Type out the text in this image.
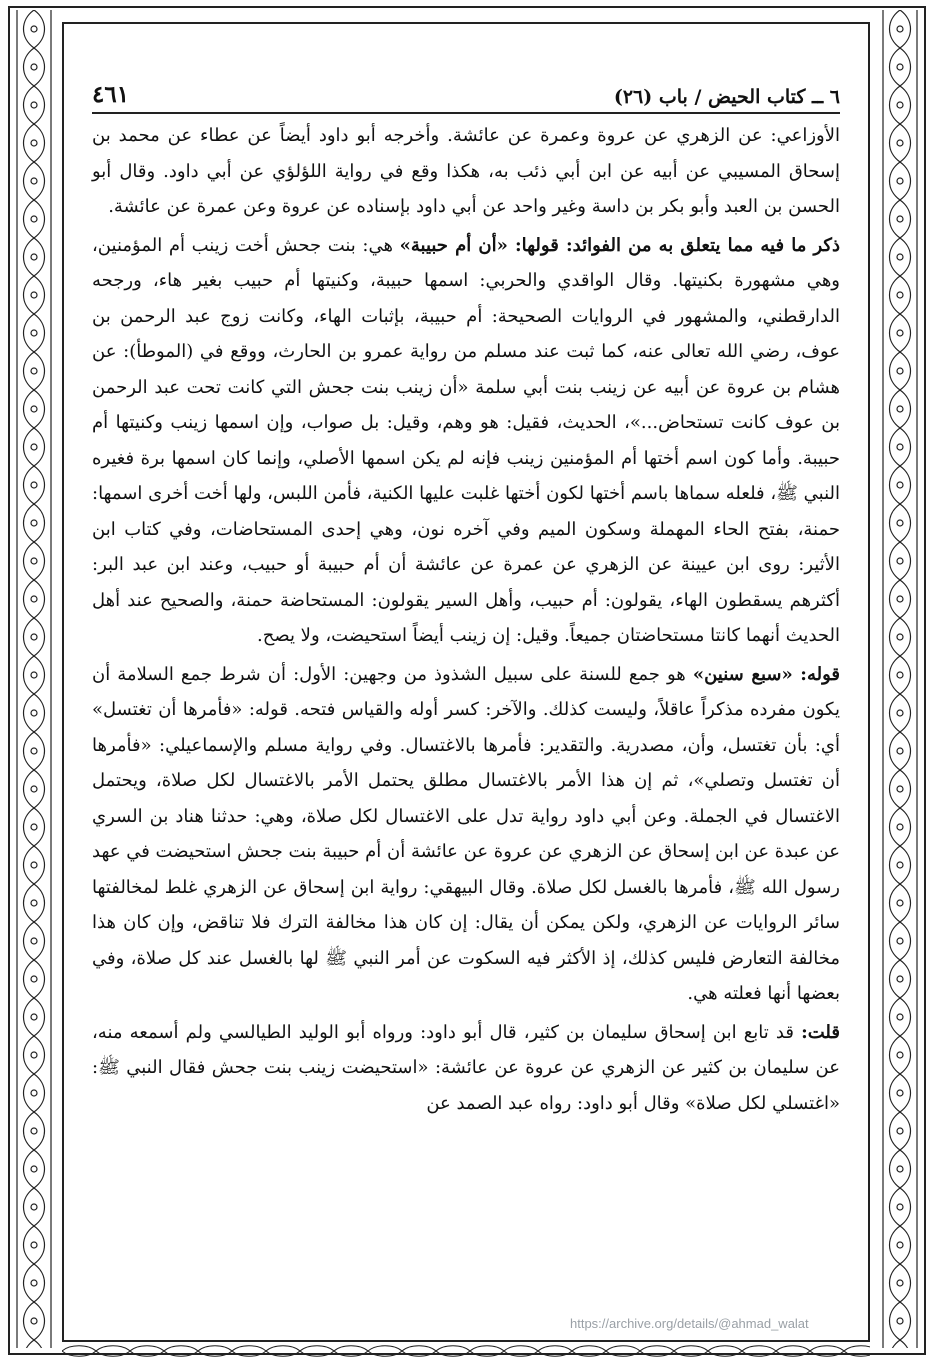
٦ ــ كتاب الحيض / باب (٢٦)
٤٦١

الأوزاعي: عن الزهري عن عروة وعمرة عن عائشة. وأخرجه أبو داود أيضاً عن عطاء عن محمد بن إسحاق المسيبي عن أبيه عن ابن أبي ذئب به، هكذا وقع في رواية اللؤلؤي عن أبي داود. وقال أبو الحسن بن العبد وأبو بكر بن داسة وغير واحد عن أبي داود بإسناده عن عروة وعن عمرة عن عائشة.

ذكر ما فيه مما يتعلق به من الفوائد: قولها: «أن أم حبيبة» هي: بنت جحش أخت زينب أم المؤمنين، وهي مشهورة بكنيتها. وقال الواقدي والحربي: اسمها حبيبة، وكنيتها أم حبيب بغير هاء، ورجحه الدارقطني، والمشهور في الروايات الصحيحة: أم حبيبة، بإثبات الهاء، وكانت زوج عبد الرحمن بن عوف، رضي الله تعالى عنه، كما ثبت عند مسلم من رواية عمرو بن الحارث، ووقع في (الموطأ): عن هشام بن عروة عن أبيه عن زينب بنت أبي سلمة «أن زينب بنت جحش التي كانت تحت عبد الرحمن بن عوف كانت تستحاض...»، الحديث، فقيل: هو وهم، وقيل: بل صواب، وإن اسمها زينب وكنيتها أم حبيبة. وأما كون اسم أختها أم المؤمنين زينب فإنه لم يكن اسمها الأصلي، وإنما كان اسمها برة فغيره النبي ﷺ، فلعله سماها باسم أختها لكون أختها غلبت عليها الكنية، فأمن اللبس، ولها أخت أخرى اسمها: حمنة، بفتح الحاء المهملة وسكون الميم وفي آخره نون، وهي إحدى المستحاضات، وفي كتاب ابن الأثير: روى ابن عيينة عن الزهري عن عمرة عن عائشة أن أم حبيبة أو حبيب، وعند ابن عبد البر: أكثرهم يسقطون الهاء، يقولون: أم حبيب، وأهل السير يقولون: المستحاضة حمنة، والصحيح عند أهل الحديث أنهما كانتا مستحاضتان جميعاً. وقيل: إن زينب أيضاً استحيضت، ولا يصح.

قوله: «سبع سنين» هو جمع للسنة على سبيل الشذوذ من وجهين: الأول: أن شرط جمع السلامة أن يكون مفرده مذكراً عاقلاً، وليست كذلك. والآخر: كسر أوله والقياس فتحه. قوله: «فأمرها أن تغتسل» أي: بأن تغتسل، وأن، مصدرية. والتقدير: فأمرها بالاغتسال. وفي رواية مسلم والإسماعيلي: «فأمرها أن تغتسل وتصلي»، ثم إن هذا الأمر بالاغتسال مطلق يحتمل الأمر بالاغتسال لكل صلاة، ويحتمل الاغتسال في الجملة. وعن أبي داود رواية تدل على الاغتسال لكل صلاة، وهي: حدثنا هناد بن السري عن عبدة عن ابن إسحاق عن الزهري عن عروة عن عائشة أن أم حبيبة بنت جحش استحيضت في عهد رسول الله ﷺ، فأمرها بالغسل لكل صلاة. وقال البيهقي: رواية ابن إسحاق عن الزهري غلط لمخالفتها سائر الروايات عن الزهري، ولكن يمكن أن يقال: إن كان هذا مخالفة الترك فلا تناقض، وإن كان هذا مخالفة التعارض فليس كذلك، إذ الأكثر فيه السكوت عن أمر النبي ﷺ لها بالغسل عند كل صلاة، وفي بعضها أنها فعلته هي.

قلت: قد تابع ابن إسحاق سليمان بن كثير، قال أبو داود: ورواه أبو الوليد الطيالسي ولم أسمعه منه، عن سليمان بن كثير عن الزهري عن عروة عن عائشة: «استحيضت زينب بنت جحش فقال النبي ﷺ: «اغتسلي لكل صلاة» وقال أبو داود: رواه عبد الصمد عن

https://archive.org/details/@ahmad_walat
